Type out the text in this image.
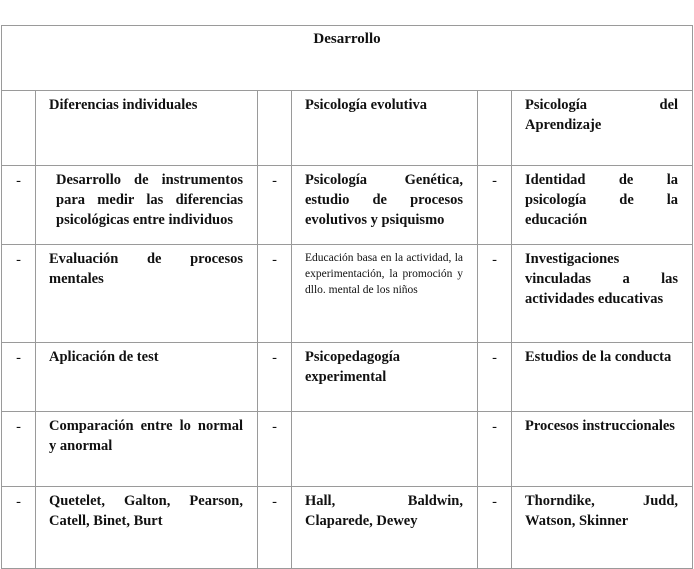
Desarrollo					
	Diferencias individuales		Psicología evolutiva		Psicología del Aprendizaje
-	Desarrollo de instrumentos para medir las diferencias psicológicas entre individuos	-	Psicología Genética, estudio de procesos evolutivos y psiquismo	-	Identidad de la psicología de la educación
-	Evaluación de procesos mentales	-	Educación basa en la actividad, la experimentación, la promoción y dllo. mental de los niños	-	Investigaciones vinculadas a las actividades educativas
-	Aplicación de test	-	Psicopedagogía experimental	-	Estudios de la conducta
-	Comparación entre lo normal y anormal	-		-	Procesos instruccionales
-	Quetelet, Galton, Pearson, Catell, Binet, Burt	-	Hall, Baldwin, Claparede, Dewey	-	Thorndike, Judd, Watson, Skinner
